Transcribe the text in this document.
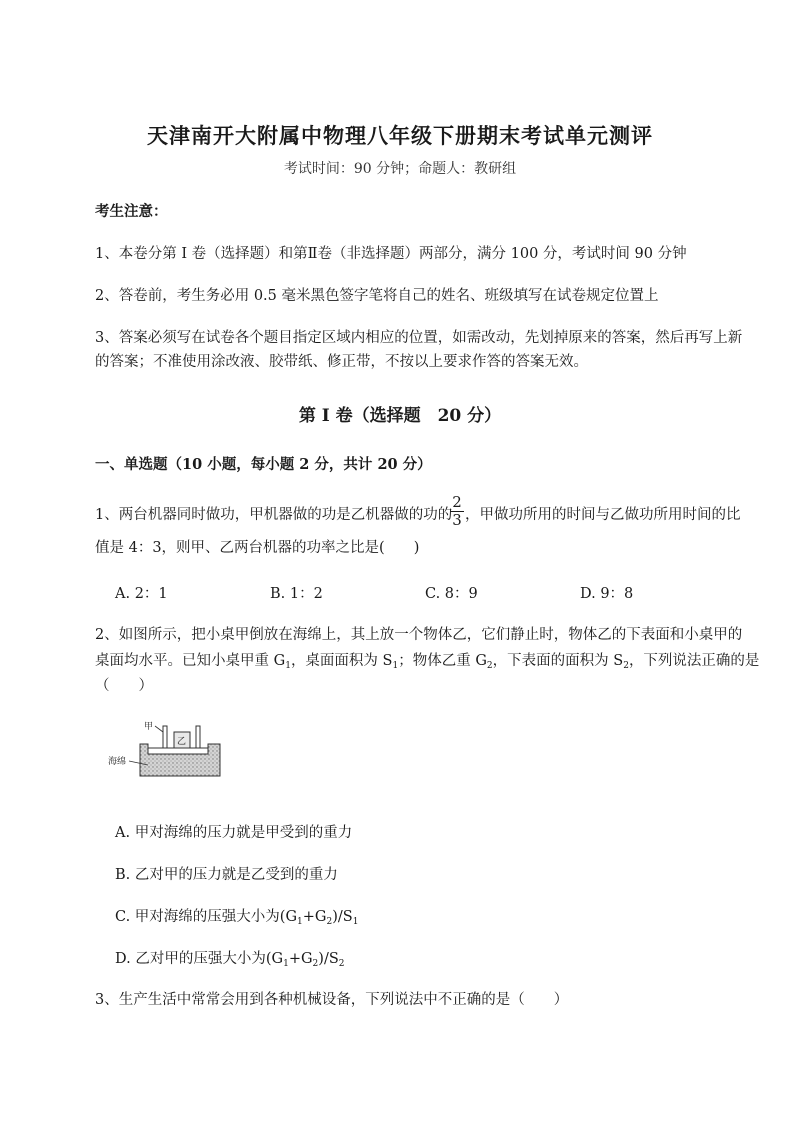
天津南开大附属中物理八年级下册期末考试单元测评
考试时间：90 分钟；命题人：教研组
考生注意：
1、本卷分第 I 卷（选择题）和第Ⅱ卷（非选择题）两部分，满分 100 分，考试时间 90 分钟
2、答卷前，考生务必用 0.5 毫米黑色签字笔将自己的姓名、班级填写在试卷规定位置上
3、答案必须写在试卷各个题目指定区域内相应的位置，如需改动，先划掉原来的答案，然后再写上新
的答案；不准使用涂改液、胶带纸、修正带，不按以上要求作答的答案无效。
第 I 卷（选择题　20 分）
一、单选题（10 小题，每小题 2 分，共计 20 分）
1、两台机器同时做功，甲机器做的功是乙机器做的功的
$\frac{2}{3}$ ，甲做功所用的时间与乙做功所用时间的比
值是 4：3，则甲、乙两台机器的功率之比是(　　)
A. 2：1	B. 1：2	C. 8：9	D. 9：8
2、如图所示，把小桌甲倒放在海绵上，其上放一个物体乙，它们静止时，物体乙的下表面和小桌甲的
桌面均水平。已知小桌甲重 $G_1$，桌面面积为 $S_1$；物体乙重 $G_2$，下表面的面积为 $S_2$，下列说法正确的是
（　　）
甲
乙
海绵
A. 甲对海绵的压力就是甲受到的重力
B. 乙对甲的压力就是乙受到的重力
C. 甲对海绵的压强大小为$(G_1+G_2)/S_1$
D. 乙对甲的压强大小为$(G_1+G_2)/S_2$
3、生产生活中常常会用到各种机械设备，下列说法中不正确的是（　　）
